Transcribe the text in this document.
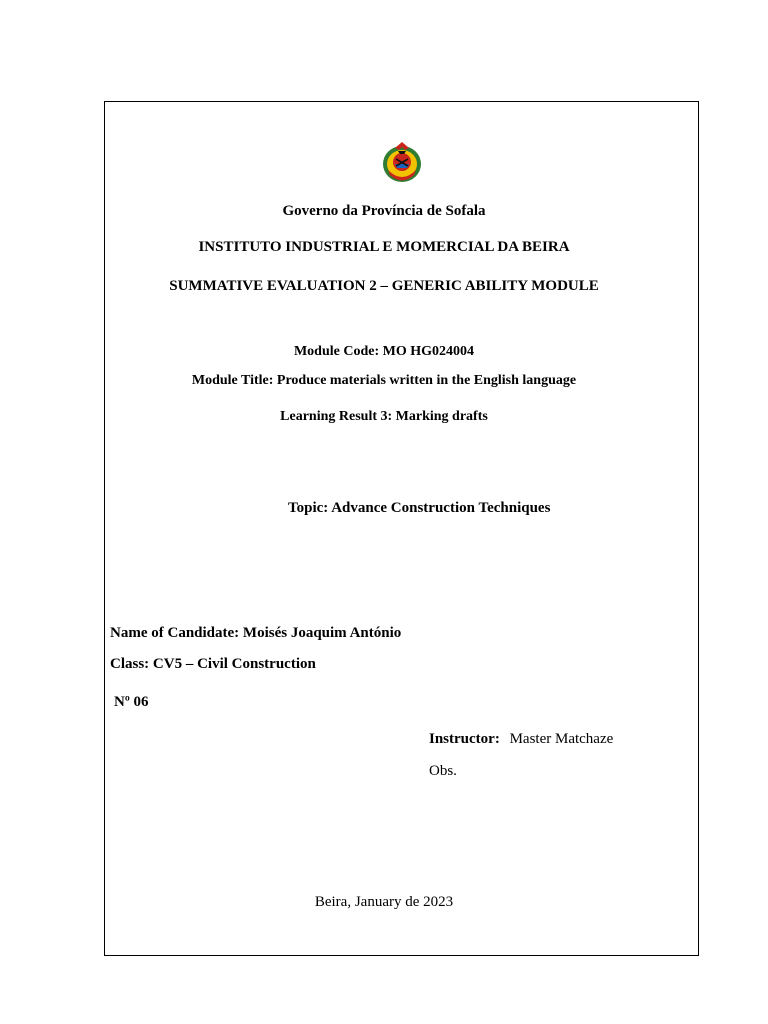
Governo da Província de Sofala
INSTITUTO INDUSTRIAL E MOMERCIAL DA BEIRA
SUMMATIVE EVALUATION 2 – GENERIC ABILITY MODULE
Module Code: MO HG024004
Module Title: Produce materials written in the English language
Learning Result 3: Marking drafts
Topic: Advance Construction Techniques
Name of Candidate: Moisés Joaquim António
Class: CV5 – Civil Construction
Nº 06
Instructor: Master Matchaze
Obs.
Beira, January de 2023
